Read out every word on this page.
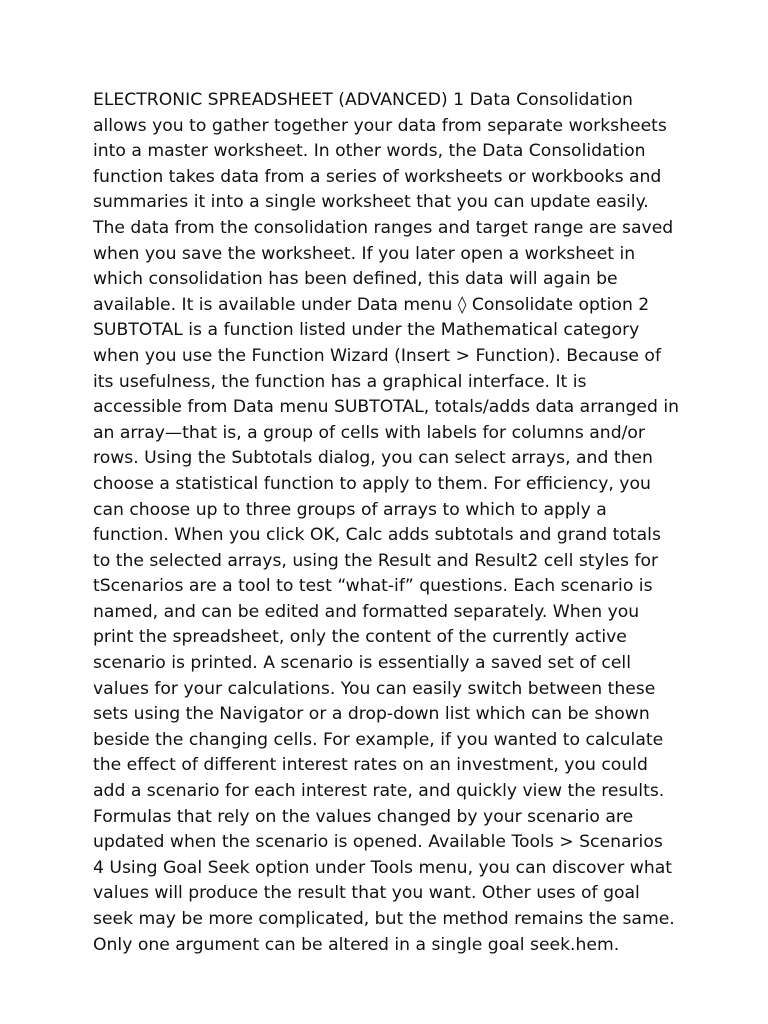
ELECTRONIC SPREADSHEET (ADVANCED) 1 Data Consolidation allows you to gather together your data from separate worksheets into a master worksheet. In other words, the Data Consolidation function takes data from a series of worksheets or workbooks and summaries it into a single worksheet that you can update easily. The data from the consolidation ranges and target range are saved when you save the worksheet. If you later open a worksheet in which consolidation has been defined, this data will again be available. It is available under Data menu ◊ Consolidate option 2 SUBTOTAL is a function listed under the Mathematical category when you use the Function Wizard (Insert > Function). Because of its usefulness, the function has a graphical interface. It is accessible from Data menu SUBTOTAL, totals/adds data arranged in an array—that is, a group of cells with labels for columns and/or rows. Using the Subtotals dialog, you can select arrays, and then choose a statistical function to apply to them. For efficiency, you can choose up to three groups of arrays to which to apply a function. When you click OK, Calc adds subtotals and grand totals to the selected arrays, using the Result and Result2 cell styles for tScenarios are a tool to test “what-if” questions. Each scenario is named, and can be edited and formatted separately. When you print the spreadsheet, only the content of the currently active scenario is printed. A scenario is essentially a saved set of cell values for your calculations. You can easily switch between these sets using the Navigator or a drop-down list which can be shown beside the changing cells. For example, if you wanted to calculate the effect of different interest rates on an investment, you could add a scenario for each interest rate, and quickly view the results. Formulas that rely on the values changed by your scenario are updated when the scenario is opened. Available Tools > Scenarios 4 Using Goal Seek option under Tools menu, you can discover what values will produce the result that you want. Other uses of goal seek may be more complicated, but the method remains the same. Only one argument can be altered in a single goal seek.hem.
